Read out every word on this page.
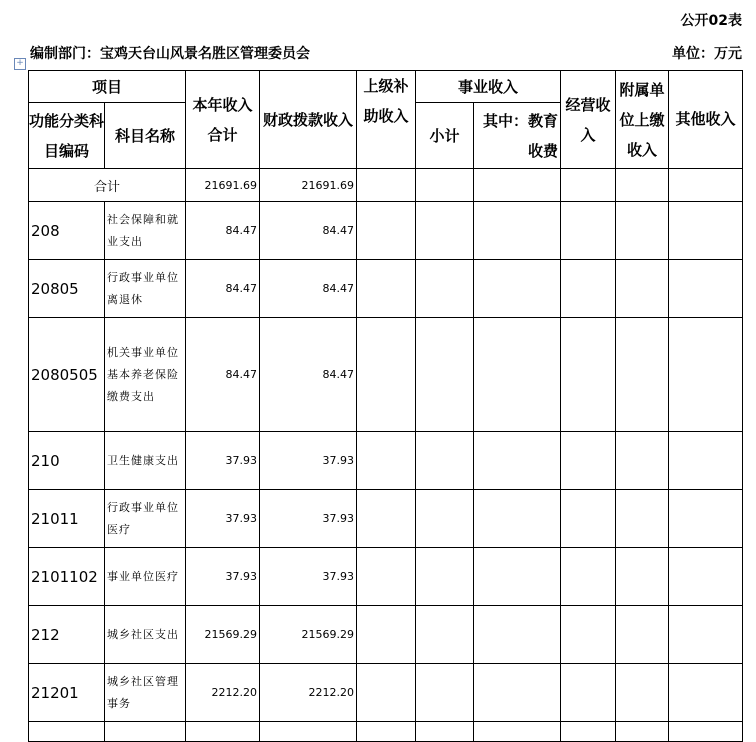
公开02表
编制部门：宝鸡天台山风景名胜区管理委员会	单位：万元
+
项目		本年收入合计	财政拨款收入	上级补助收入	事业收入		经营收入	附属单位上缴收入	其他收入
功能分类科目编码	科目名称				小计	其中：教育收费			

合计		21691.69	21691.69						
208	社会保障和就业支出	84.47	84.47						
20805	行政事业单位离退休	84.47	84.47						
2080505	机关事业单位基本养老保险缴费支出	84.47	84.47						
210	卫生健康支出	37.93	37.93						
21011	行政事业单位医疗	37.93	37.93						
2101102	事业单位医疗	37.93	37.93						
212	城乡社区支出	21569.29	21569.29						
21201	城乡社区管理事务	2212.20	2212.20						
